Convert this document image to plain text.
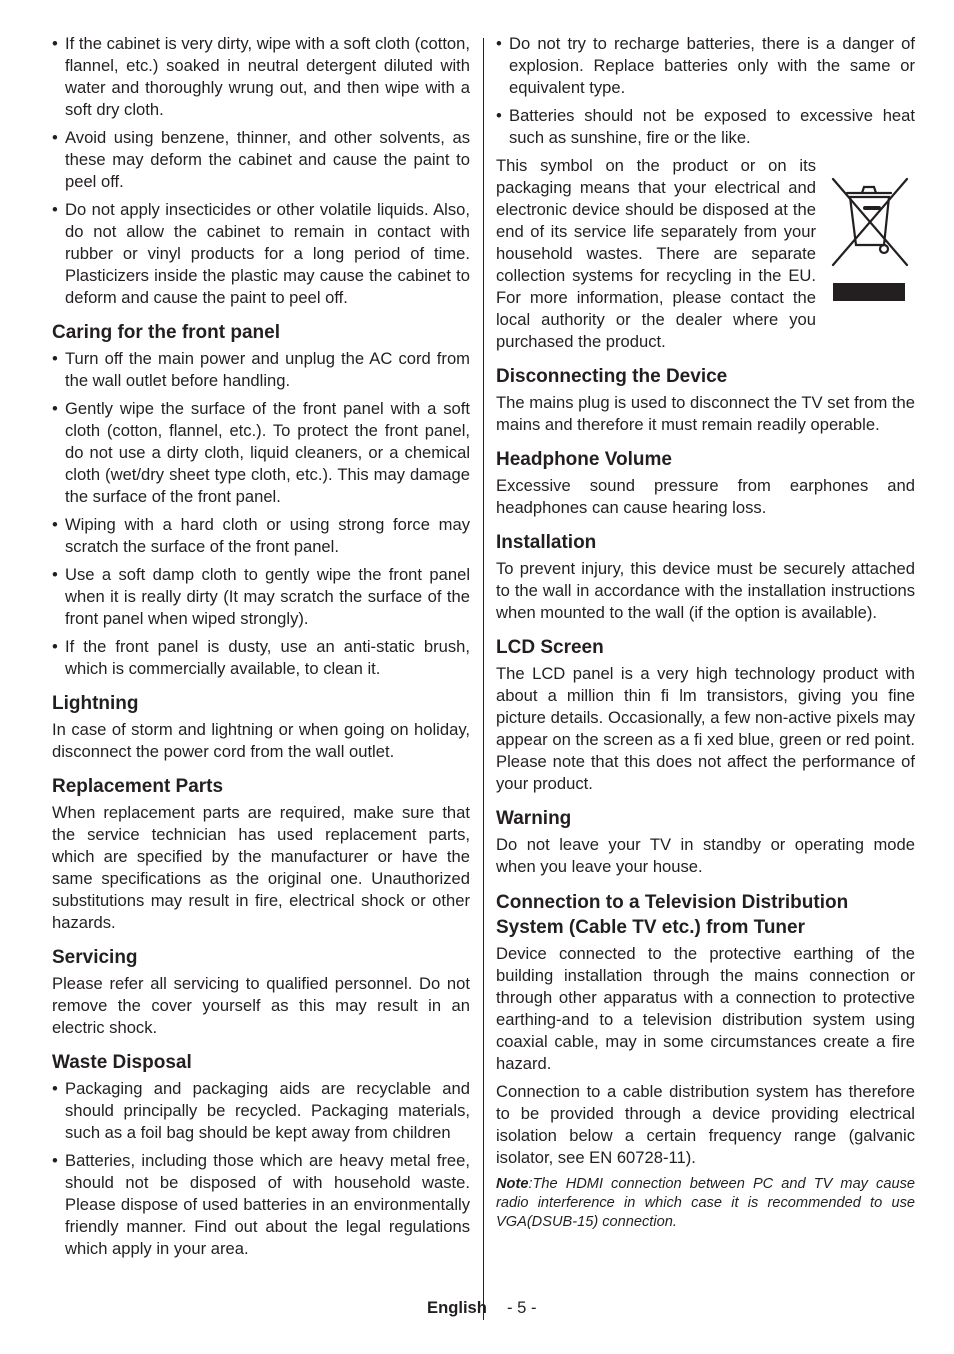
• If the cabinet is very dirty, wipe with a soft cloth (cotton, flannel, etc.) soaked in neutral detergent diluted with water and thoroughly wrung out, and then wipe with a soft dry cloth.
• Avoid using benzene, thinner, and other solvents, as these may deform the cabinet and cause the paint to peel off.
• Do not apply insecticides or other volatile liquids. Also, do not allow the cabinet to remain in contact with rubber or vinyl products for a long period of time. Plasticizers inside the plastic may cause the cabinet to deform and cause the paint to peel off.
Caring for the front panel
• Turn off the main power and unplug the AC cord from the wall outlet before handling.
• Gently wipe the surface of the front panel with a soft cloth (cotton, flannel, etc.). To protect the front panel, do not use a dirty cloth, liquid cleaners, or a chemical cloth (wet/dry sheet type cloth, etc.). This may damage the surface of the front panel.
• Wiping with a hard cloth or using strong force may scratch the surface of the front panel.
• Use a soft damp cloth to gently wipe the front panel when it is really dirty (It may scratch the surface of the front panel when wiped strongly).
• If the front panel is dusty, use an anti-static brush, which is commercially available, to clean it.
Lightning

In case of storm and lightning or when going on holiday, disconnect the power cord from the wall outlet.

Replacement Parts

When replacement parts are required, make sure that the service technician has used replacement parts, which are specified by the manufacturer or have the same specifications as the original one. Unauthorized substitutions may result in fire, electrical shock or other hazards.

Servicing

Please refer all servicing to qualified personnel. Do not remove the cover yourself as this may result in an electric shock.

Waste Disposal
• Packaging and packaging aids are recyclable and should principally be recycled. Packaging materials, such as a foil bag should be kept away from children
• Batteries, including those which are heavy metal free, should not be disposed of with household waste. Please dispose of used batteries in an environmentally friendly manner. Find out about the legal regulations which apply in your area.
• Do not try to recharge batteries, there is a danger of explosion. Replace batteries only with the same or equivalent type.
• Batteries should not be exposed to excessive heat such as sunshine, fire or the like.

This symbol on the product or on its packaging means that your electrical and electronic device should be disposed at the end of its service life separately from your household wastes. There are separate collection systems for recycling in the EU. For more information, please contact the local authority or the dealer where you purchased the product.

Disconnecting the Device

The mains plug is used to disconnect the TV set from the mains and therefore it must remain readily operable.

Headphone Volume

Excessive sound pressure from earphones and headphones can cause hearing loss.

Installation

To prevent injury, this device must be securely attached to the wall in accordance with the installation instructions when mounted to the wall (if the option is available).

LCD Screen

The LCD panel is a very high technology product with about a million thin fi lm transistors, giving you fine picture details. Occasionally, a few non-active pixels may appear on the screen as a fi xed blue, green or red point. Please note that this does not affect the performance of your product.

Warning

Do not leave your TV in standby or operating mode when you leave your house.

Connection to a Television Distribution System (Cable TV etc.) from Tuner

Device connected to the protective earthing of the building installation through the mains connection or through other apparatus with a connection to protective earthing-and to a television distribution system using coaxial cable, may in some circumstances create a fire hazard.

Connection to a cable distribution system has therefore to be provided through a device providing electrical isolation below a certain frequency range (galvanic isolator, see EN 60728-11).

Note:The HDMI connection between PC and TV may cause radio interference in which case it is recommended to use VGA(DSUB-15) connection.

English - 5 -
